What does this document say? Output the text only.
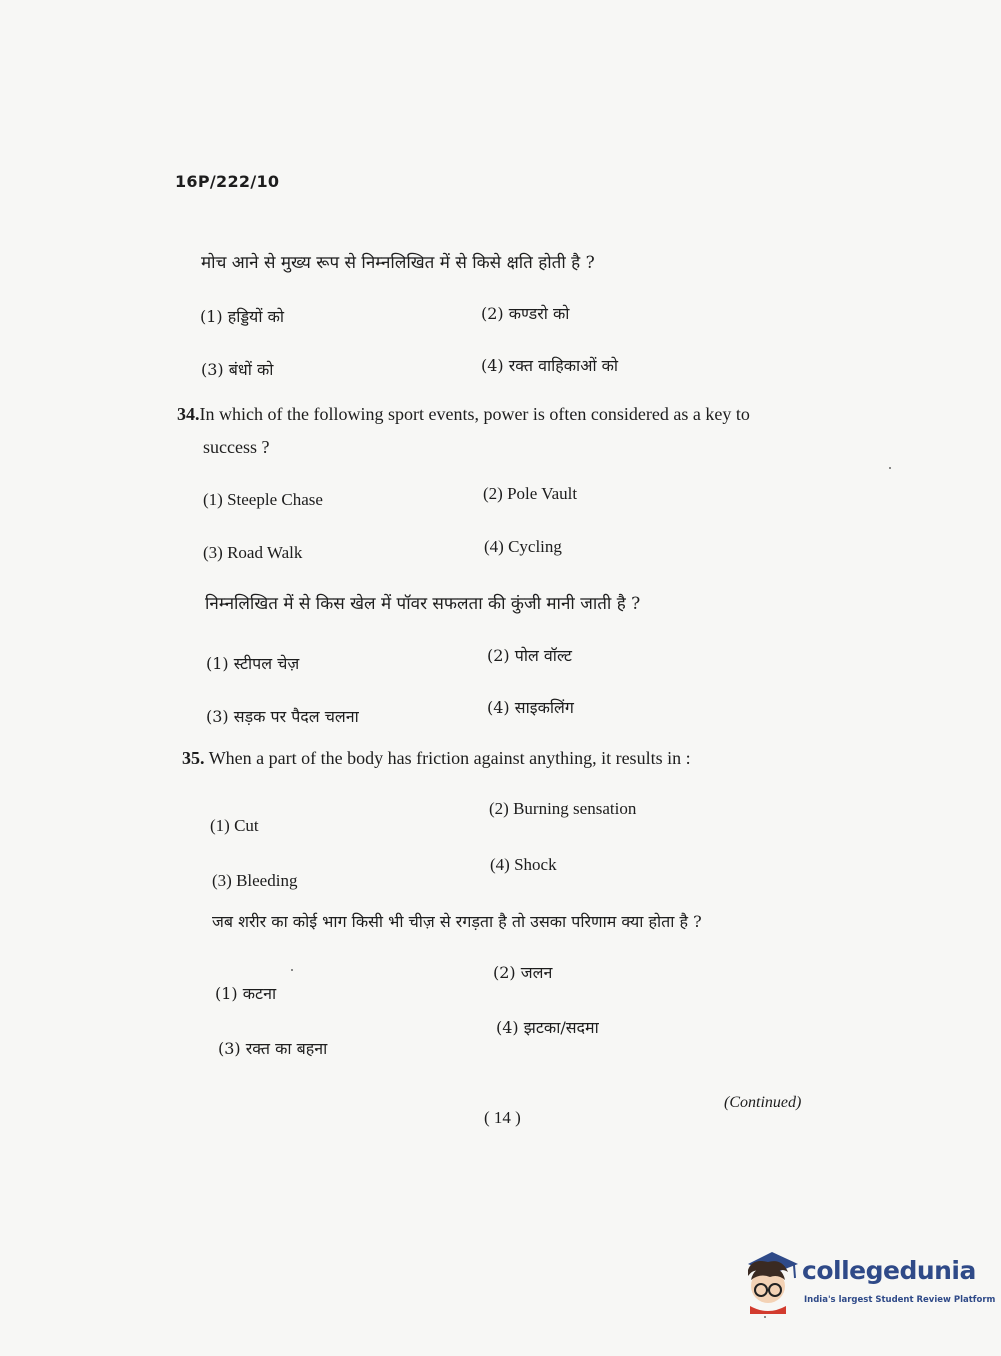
16P/222/10
मोच आने से मुख्य रूप से निम्नलिखित में से किसे क्षति होती है ?
(1) हड्डियों को	(2) कण्डरो को
(3) बंधों को	(4) रक्त वाहिकाओं को
34.In which of the following sport events, power is often considered as a key to
success ?
(1) Steeple Chase	(2) Pole Vault
(3) Road Walk	(4) Cycling
निम्नलिखित में से किस खेल में पॉवर सफलता की कुंजी मानी जाती है ?
(1) स्टीपल चेज़	(2) पोल वॉल्ट
(3) सड़क पर पैदल चलना	(4) साइकलिंग
35. When a part of the body has friction against anything, it results in :
(1) Cut
(2) Burning sensation
(3) Bleeding
(4) Shock
जब शरीर का कोई भाग किसी भी चीज़ से रगड़ता है तो उसका परिणाम क्या होता है ?
(1) कटना
(2) जलन
(3) रक्त का बहना
(4) झटका/सदमा
( 14 )
(Continued)
collegedunia
India's largest Student Review Platform
